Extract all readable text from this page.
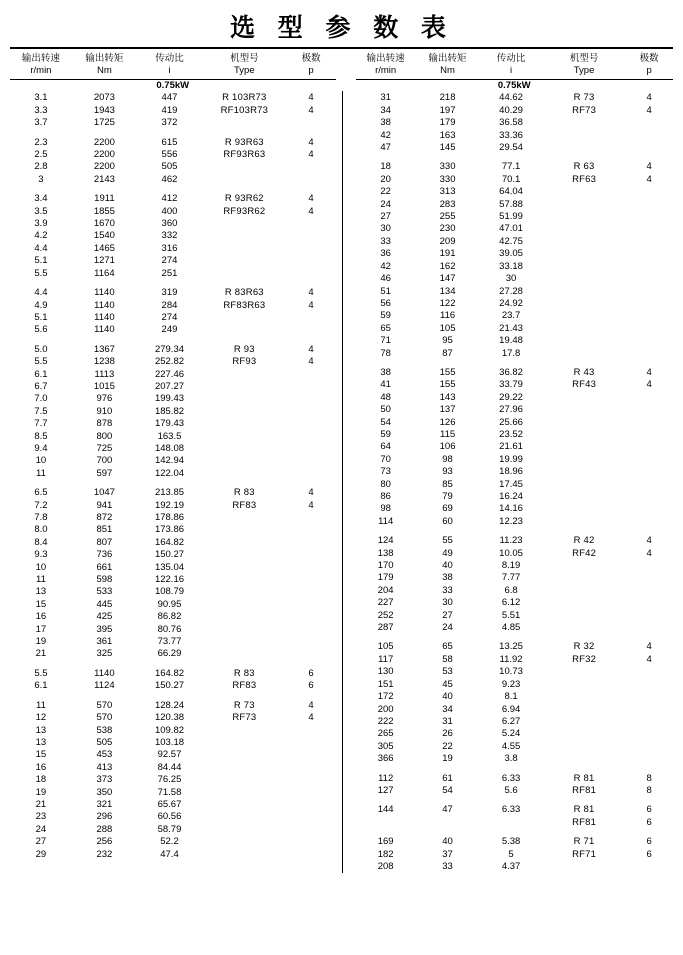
选 型 参 数 表
输出转速	输出转矩	传动比	机型号	极数
r/min	Nm	i	Type	p

0.75kW				
3.1	2073	447	R 103R73	4
3.3	1943	419	RF103R73	4
3.7	1725	372		

2.3	2200	615	R 93R63	4
2.5	2200	556	RF93R63	4
2.8	2200	505		
3	2143	462		

3.4	1911	412	R 93R62	4
3.5	1855	400	RF93R62	4
3.9	1670	360		
4.2	1540	332		
4.4	1465	316		
5.1	1271	274		
5.5	1164	251		

4.4	1140	319	R 83R63	4
4.9	1140	284	RF83R63	4
5.1	1140	274		
5.6	1140	249		

5.0	1367	279.34	R 93	4
5.5	1238	252.82	RF93	4
6.1	1113	227.46		
6.7	1015	207.27		
7.0	976	199.43		
7.5	910	185.82		
7.7	878	179.43		
8.5	800	163.5		
9.4	725	148.08		
10	700	142.94		
11	597	122.04		

6.5	1047	213.85	R 83	4
7.2	941	192.19	RF83	4
7.8	872	178.86		
8.0	851	173.86		
8.4	807	164.82		
9.3	736	150.27		
10	661	135.04		
11	598	122.16		
13	533	108.79		
15	445	90.95		
16	425	86.82		
17	395	80.76		
19	361	73.77		
21	325	66.29		

5.5	1140	164.82	R 83	6
6.1	1124	150.27	RF83	6

11	570	128.24	R 73	4
12	570	120.38	RF73	4
13	538	109.82		
13	505	103.18		
15	453	92.57		
16	413	84.44		
18	373	76.25		
19	350	71.58		
21	321	65.67		
23	296	60.56		
24	288	58.79		
27	256	52.2		
29	232	47.4		
输出转速	输出转矩	传动比	机型号	极数
r/min	Nm	i	Type	p

0.75kW				
31	218	44.62	R 73	4
34	197	40.29	RF73	4
38	179	36.58		
42	163	33.36		
47	145	29.54		

18	330	77.1	R 63	4
20	330	70.1	RF63	4
22	313	64.04		
24	283	57.88		
27	255	51.99		
30	230	47.01		
33	209	42.75		
36	191	39.05		
42	162	33.18		
46	147	30		
51	134	27.28		
56	122	24.92		
59	116	23.7		
65	105	21.43		
71	95	19.48		
78	87	17.8		

38	155	36.82	R 43	4
41	155	33.79	RF43	4
48	143	29.22		
50	137	27.96		
54	126	25.66		
59	115	23.52		
64	106	21.61		
70	98	19.99		
73	93	18.96		
80	85	17.45		
86	79	16.24		
98	69	14.16		
114	60	12.23		

124	55	11.23	R 42	4
138	49	10.05	RF42	4
170	40	8.19		
179	38	7.77		
204	33	6.8		
227	30	6.12		
252	27	5.51		
287	24	4.85		

105	65	13.25	R 32	4
117	58	11.92	RF32	4
130	53	10.73		
151	45	9.23		
172	40	8.1		
200	34	6.94		
222	31	6.27		
265	26	5.24		
305	22	4.55		
366	19	3.8		

112	61	6.33	R 81	8
127	54	5.6	RF81	8

144	47	6.33	R 81	6
			RF81	6

169	40	5.38	R 71	6
182	37	5	RF71	6
208	33	4.37		
